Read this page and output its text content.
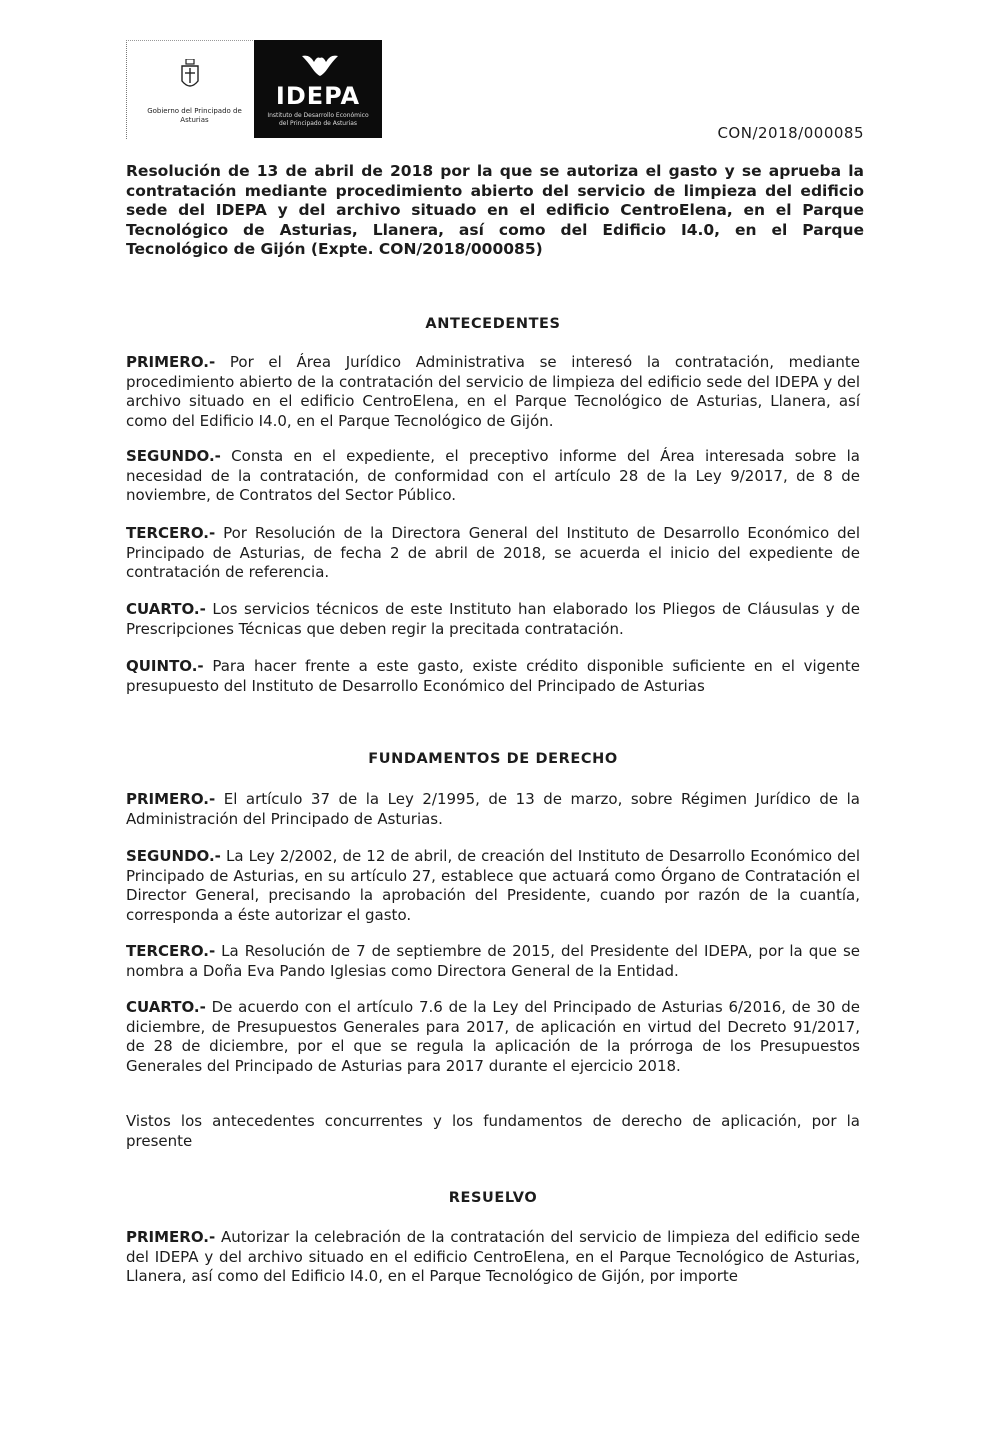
Gobierno del Principado de Asturias
IDEPA
Instituto de Desarrollo Económico del Principado de Asturias
CON/2018/000085
Resolución de 13 de abril de 2018 por la que se autoriza el gasto y se aprueba la contratación mediante procedimiento abierto del servicio de limpieza del edificio sede del IDEPA y del archivo situado en el edificio CentroElena, en el Parque Tecnológico de Asturias, Llanera, así como del Edificio I4.0, en el Parque Tecnológico de Gijón (Expte. CON/2018/000085)
ANTECEDENTES
PRIMERO.- Por el Área Jurídico Administrativa se interesó la contratación, mediante procedimiento abierto de la contratación del servicio de limpieza del edificio sede del IDEPA y del archivo situado en el edificio CentroElena, en el Parque Tecnológico de Asturias, Llanera, así como del Edificio I4.0, en el Parque Tecnológico de Gijón.
SEGUNDO.- Consta en el expediente, el preceptivo informe del Área interesada sobre la necesidad de la contratación, de conformidad con el artículo 28 de la Ley 9/2017, de 8 de noviembre, de Contratos del Sector Público.
TERCERO.- Por Resolución de la Directora General del Instituto de Desarrollo Económico del Principado de Asturias, de fecha 2 de abril de 2018, se acuerda el inicio del expediente de contratación de referencia.
CUARTO.- Los servicios técnicos de este Instituto han elaborado los Pliegos de Cláusulas y de Prescripciones Técnicas que deben regir la precitada contratación.
QUINTO.- Para hacer frente a este gasto, existe crédito disponible suficiente en el vigente presupuesto del Instituto de Desarrollo Económico del Principado de Asturias
FUNDAMENTOS DE DERECHO
PRIMERO.- El artículo 37 de la Ley 2/1995, de 13 de marzo, sobre Régimen Jurídico de la Administración del Principado de Asturias.
SEGUNDO.- La Ley 2/2002, de 12 de abril, de creación del Instituto de Desarrollo Económico del Principado de Asturias, en su artículo 27, establece que actuará como Órgano de Contratación el Director General, precisando la aprobación del Presidente, cuando por razón de la cuantía, corresponda a éste autorizar el gasto.
TERCERO.- La Resolución de 7 de septiembre de 2015, del Presidente del IDEPA, por la que se nombra a Doña Eva Pando Iglesias como Directora General de la Entidad.
CUARTO.- De acuerdo con el artículo 7.6 de la Ley del Principado de Asturias 6/2016, de 30 de diciembre, de Presupuestos Generales para 2017, de aplicación en virtud del Decreto 91/2017, de 28 de diciembre, por el que se regula la aplicación de la prórroga de los Presupuestos Generales del Principado de Asturias para 2017 durante el ejercicio 2018.
Vistos los antecedentes concurrentes y los fundamentos de derecho de aplicación, por la presente
RESUELVO
PRIMERO.- Autorizar la celebración de la contratación del servicio de limpieza del edificio sede del IDEPA y del archivo situado en el edificio CentroElena, en el Parque Tecnológico de Asturias, Llanera, así como del Edificio I4.0, en el Parque Tecnológico de Gijón, por importe
